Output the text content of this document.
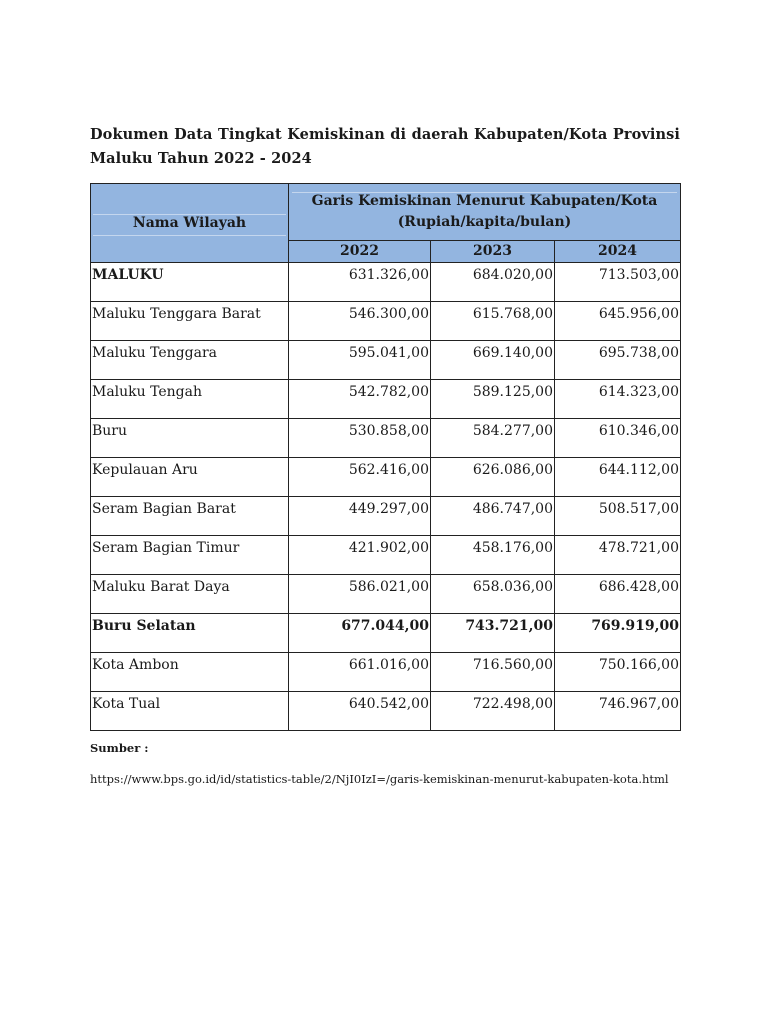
Dokumen Data Tingkat Kemiskinan di daerah Kabupaten/Kota Provinsi Maluku Tahun 2022 - 2024
Nama Wilayah	Garis Kemiskinan Menurut Kabupaten/Kota (Rupiah/kapita/bulan)		
	2022	2023	2024
MALUKU	631.326,00	684.020,00	713.503,00
Maluku Tenggara Barat	546.300,00	615.768,00	645.956,00
Maluku Tenggara	595.041,00	669.140,00	695.738,00
Maluku Tengah	542.782,00	589.125,00	614.323,00
Buru	530.858,00	584.277,00	610.346,00
Kepulauan Aru	562.416,00	626.086,00	644.112,00
Seram Bagian Barat	449.297,00	486.747,00	508.517,00
Seram Bagian Timur	421.902,00	458.176,00	478.721,00
Maluku Barat Daya	586.021,00	658.036,00	686.428,00
Buru Selatan	677.044,00	743.721,00	769.919,00
Kota Ambon	661.016,00	716.560,00	750.166,00
Kota Tual	640.542,00	722.498,00	746.967,00
Sumber :
https://www.bps.go.id/id/statistics-table/2/NjI0IzI=/garis-kemiskinan-menurut-kabupaten-kota.html
